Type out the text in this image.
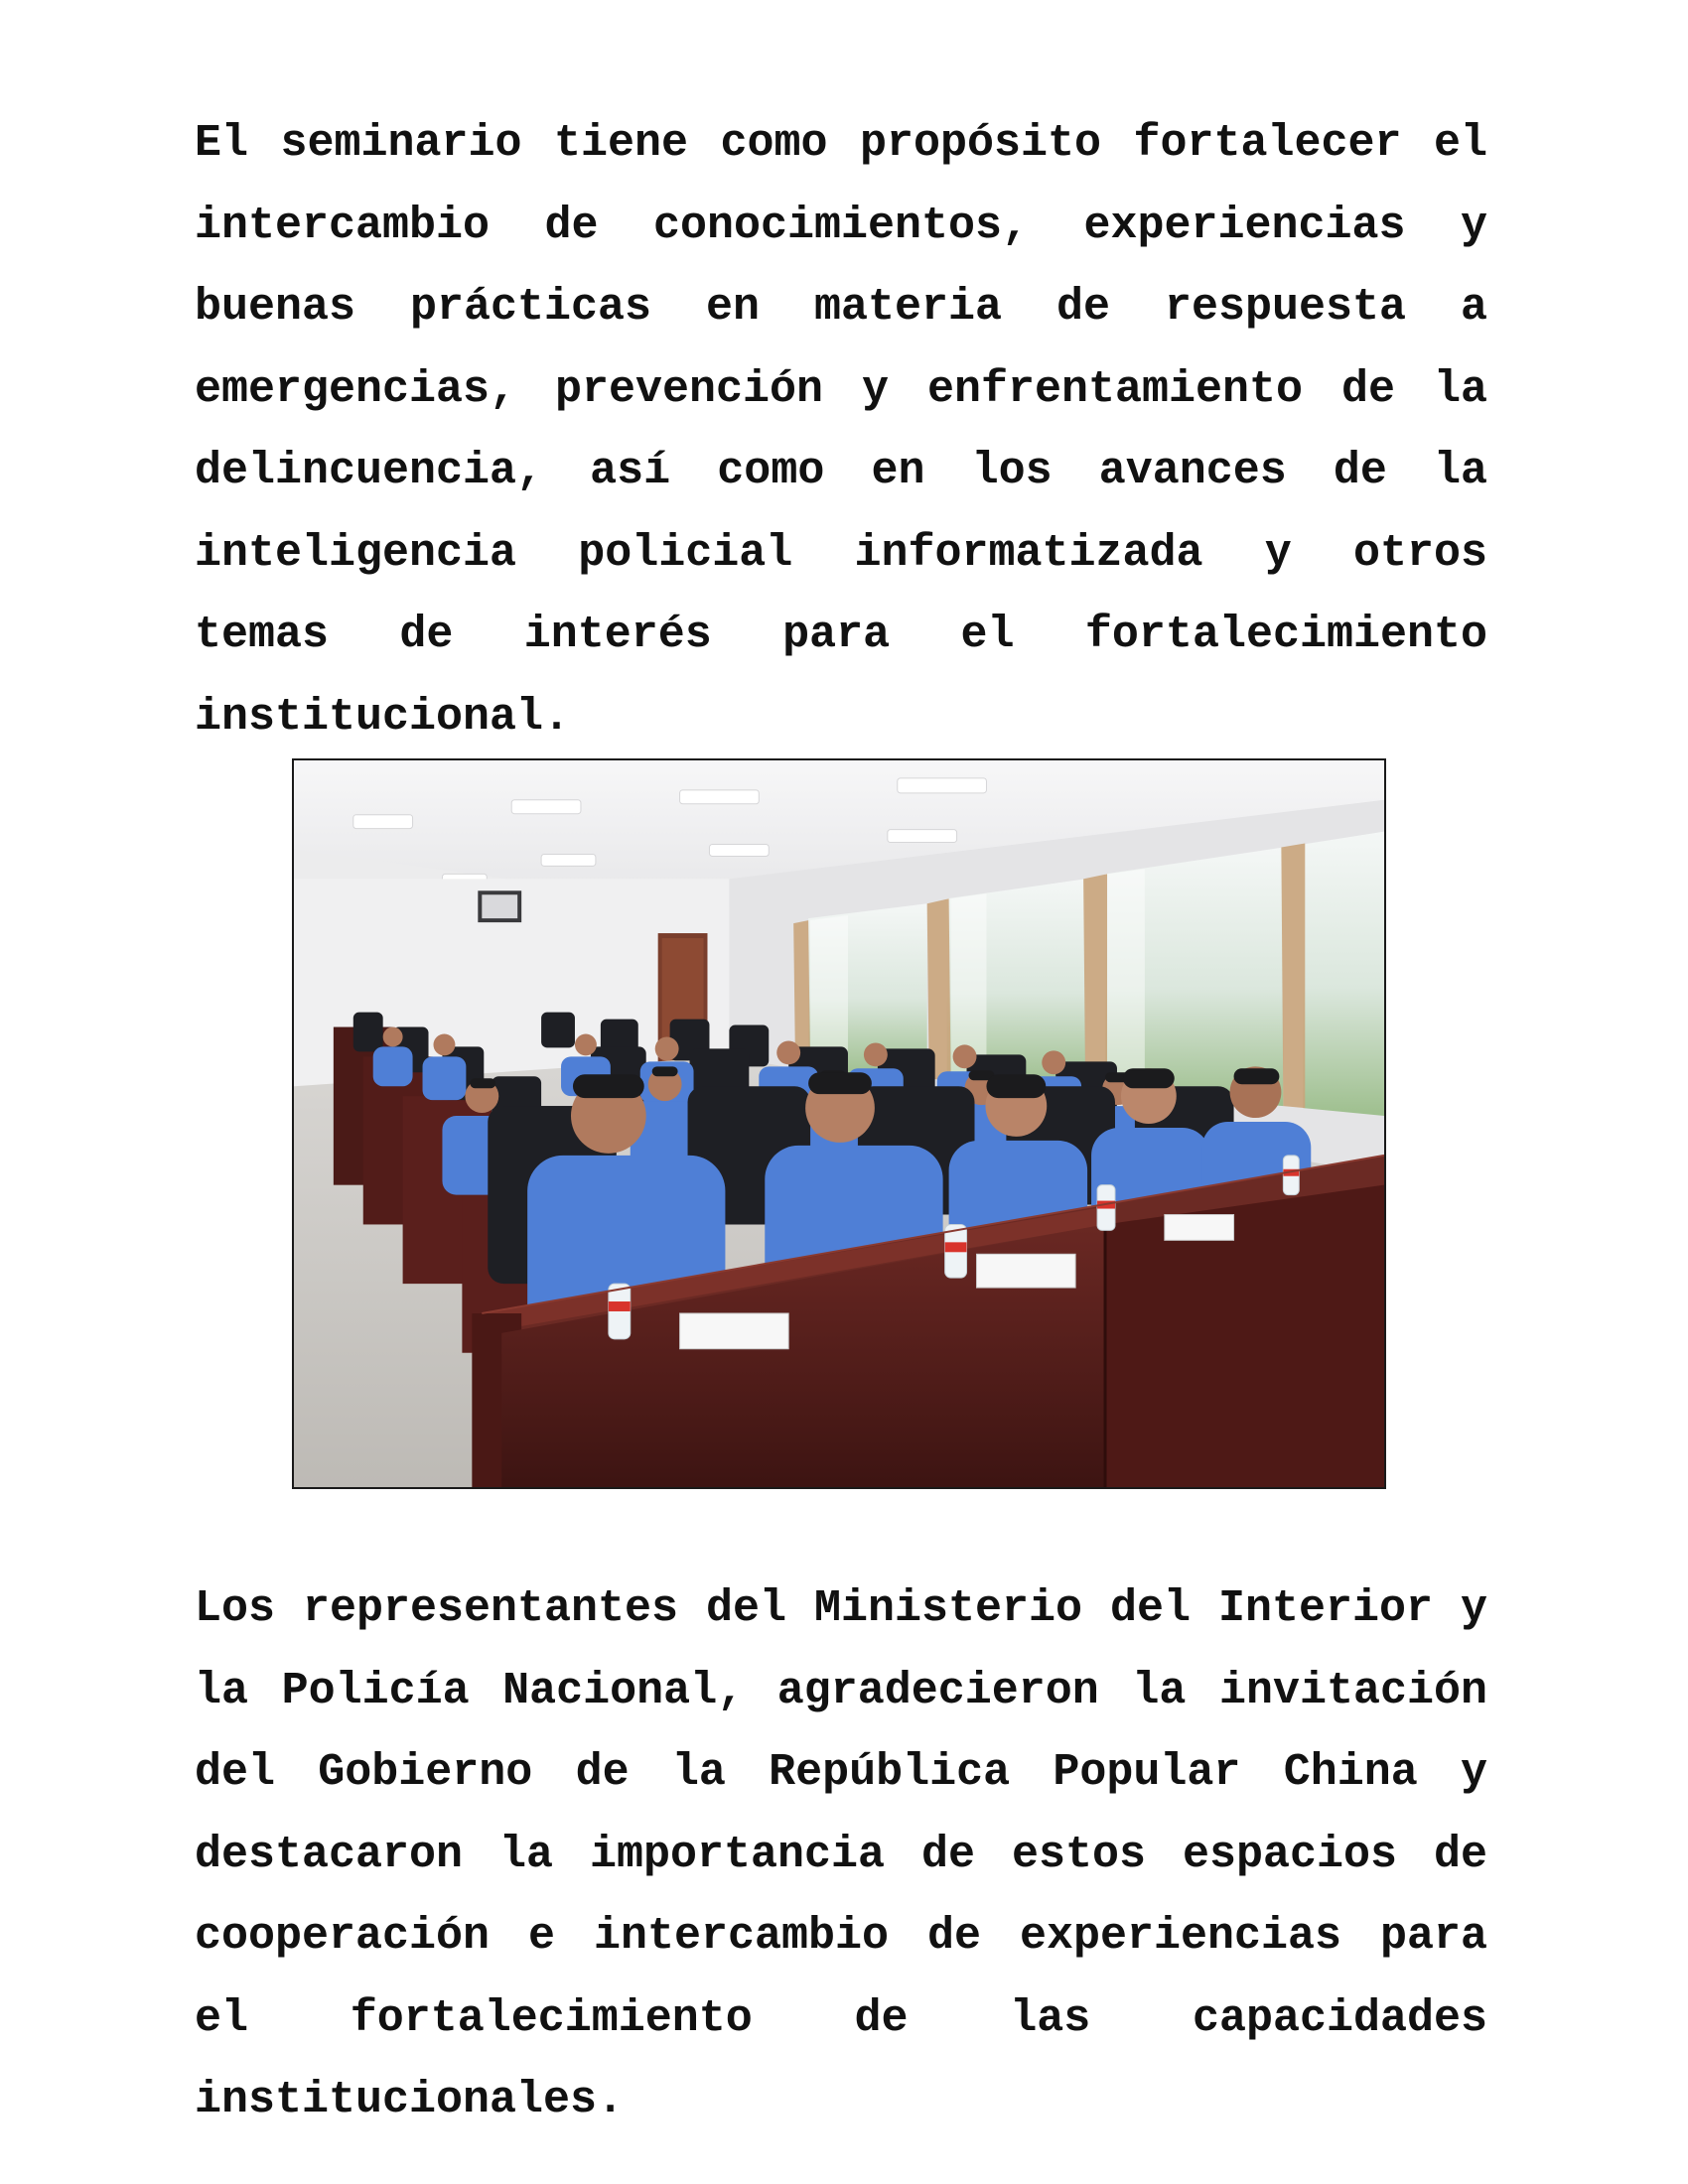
El seminario tiene como propósito fortalecer el intercambio de conocimientos, experiencias y buenas prácticas en materia de respuesta a emergencias, prevención y enfrentamiento de la delincuencia, así como en los avances de la inteligencia policial informatizada y otros temas de interés para el fortalecimiento institucional.

Los representantes del Ministerio del Interior y la Policía Nacional, agradecieron la invitación del Gobierno de la República Popular China y destacaron la importancia de estos espacios de cooperación e intercambio de experiencias para el fortalecimiento de las capacidades institucionales.
